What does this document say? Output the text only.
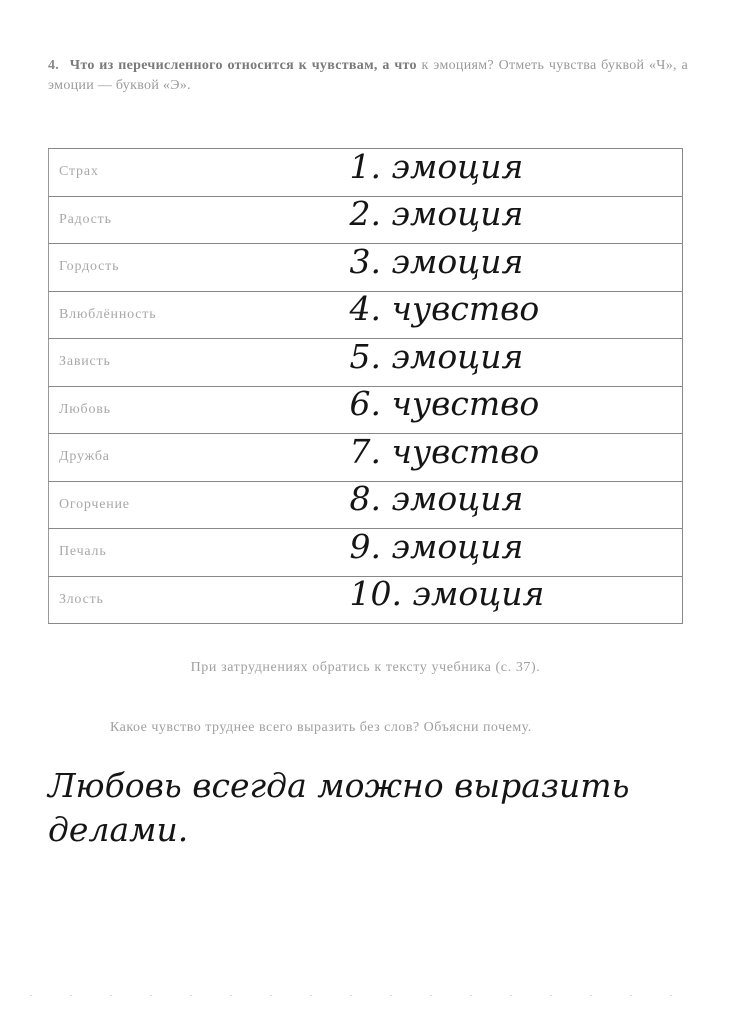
4. Что из перечисленного относится к чувствам, а что к эмоциям? Отметь чувства буквой «Ч», а эмоции — буквой «Э».
Страх	1. эмоция
Радость	2. эмоция
Гордость	3. эмоция
Влюблённость	4. чувство
Зависть	5. эмоция
Любовь	6. чувство
Дружба	7. чувство
Огорчение	8. эмоция
Печаль	9. эмоция
Злость	10. эмоция
При затруднениях обратись к тексту учебника (с. 37).
Какое чувство труднее всего выразить без слов? Объясни почему.
Любовь всегда можно выразить
делами.
